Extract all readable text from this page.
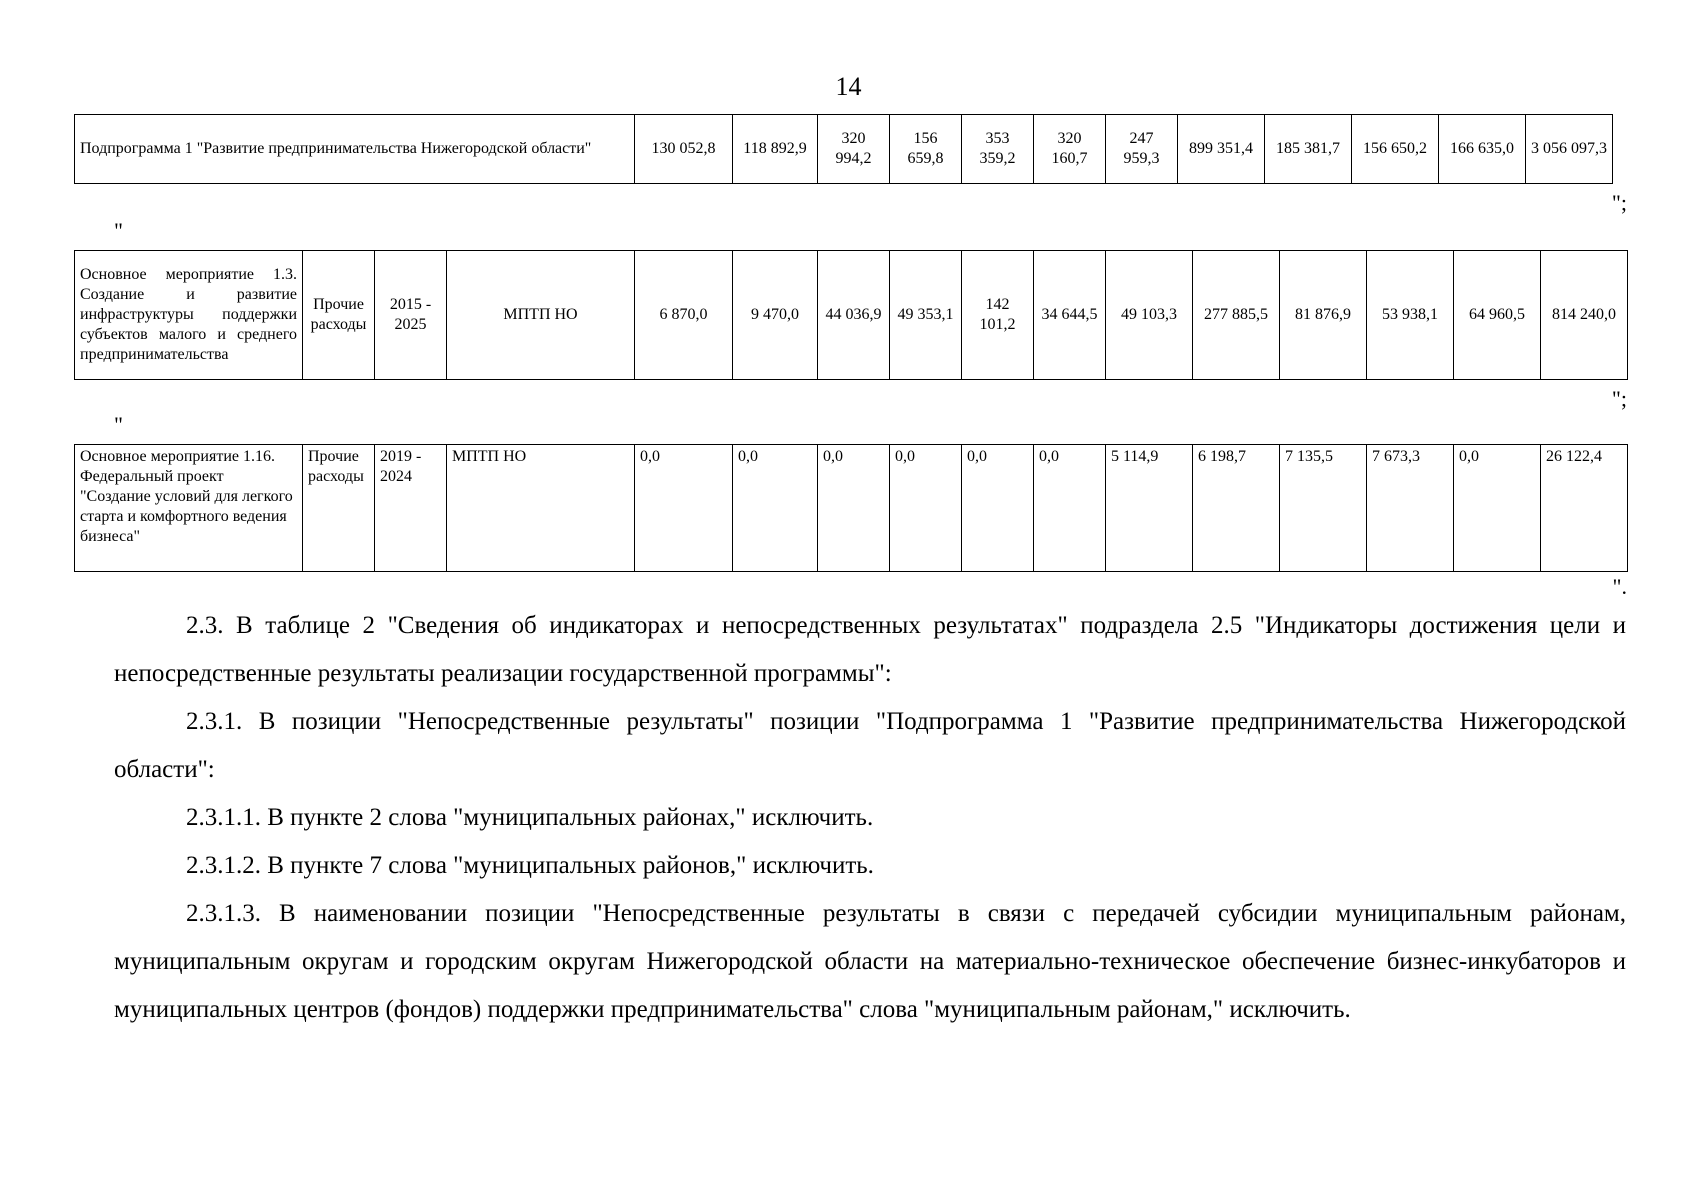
14
Подпрограмма 1 "Развитие предпринимательства Нижегородской области"	130 052,8	118 892,9	320 994,2	156 659,8	353 359,2	320 160,7	247 959,3	899 351,4	185 381,7	156 650,2	166 635,0	3 056 097,3
";
"
Основное мероприятие 1.3. Создание и развитие инфраструктуры поддержки субъектов малого и среднего предпринимательства	Прочие расходы	2015 - 2025	МПТП НО	6 870,0	9 470,0	44 036,9	49 353,1	142 101,2	34 644,5	49 103,3	277 885,5	81 876,9	53 938,1	64 960,5	814 240,0
";
"
Основное мероприятие 1.16. Федеральный проект "Создание условий для легкого старта и комфортного ведения бизнеса"	Прочие расходы	2019 - 2024	МПТП НО	0,0	0,0	0,0	0,0	0,0	0,0	5 114,9	6 198,7	7 135,5	7 673,3	0,0	26 122,4
".

2.3. В таблице 2 "Сведения об индикаторах и непосредственных результатах" подраздела 2.5 "Индикаторы достижения цели и непосредственные результаты реализации государственной программы":

2.3.1. В позиции "Непосредственные результаты" позиции "Подпрограмма 1 "Развитие предпринимательства Нижегородской области":

2.3.1.1. В пункте 2 слова "муниципальных районах," исключить.

2.3.1.2. В пункте 7 слова "муниципальных районов," исключить.

2.3.1.3. В наименовании позиции "Непосредственные результаты в связи с передачей субсидии муниципальным районам, муниципальным округам и городским округам Нижегородской области на материально-техническое обеспечение бизнес-инкубаторов и муниципальных центров (фондов) поддержки предпринимательства" слова "муниципальным районам," исключить.
